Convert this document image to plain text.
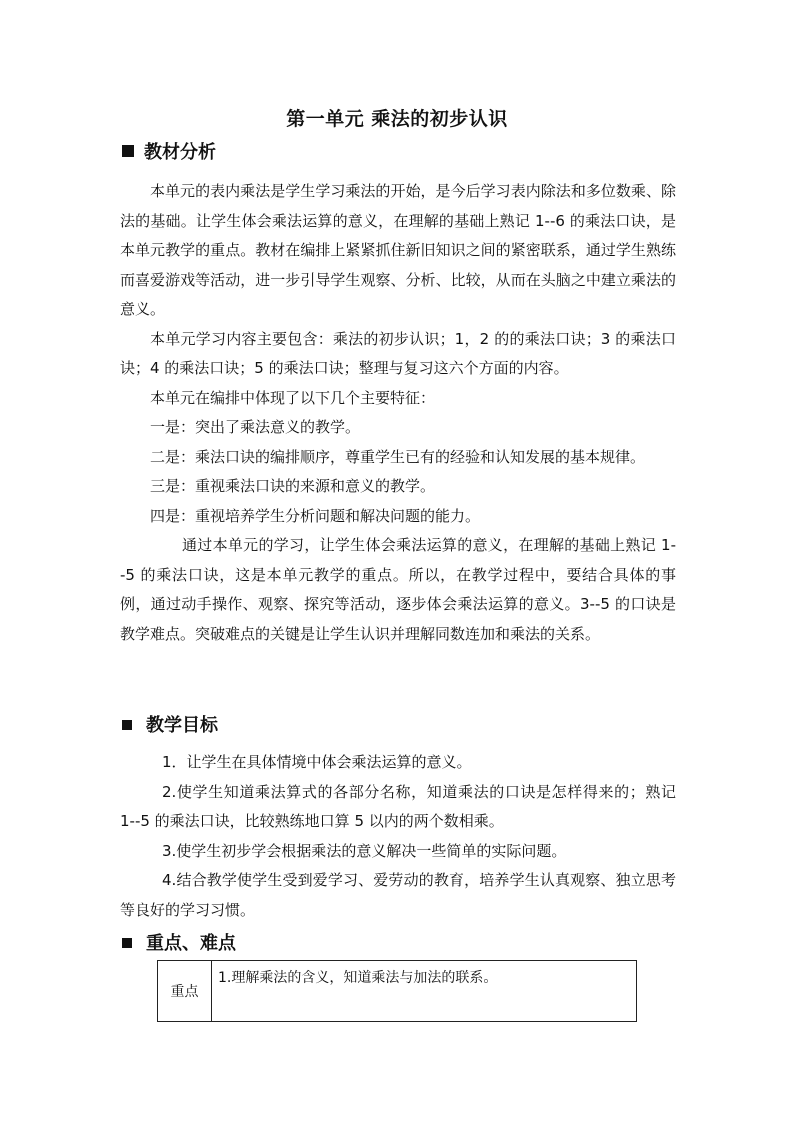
第一单元 乘法的初步认识
教材分析

本单元的表内乘法是学生学习乘法的开始，是今后学习表内除法和多位数乘、除法的基础。让学生体会乘法运算的意义，在理解的基础上熟记 1--6 的乘法口诀，是本单元教学的重点。教材在编排上紧紧抓住新旧知识之间的紧密联系，通过学生熟练而喜爱游戏等活动，进一步引导学生观察、分析、比较，从而在头脑之中建立乘法的意义。

本单元学习内容主要包含：乘法的初步认识；1，2 的的乘法口诀；3 的乘法口诀；4 的乘法口诀；5 的乘法口诀；整理与复习这六个方面的内容。

本单元在编排中体现了以下几个主要特征：

一是：突出了乘法意义的教学。

二是：乘法口诀的编排顺序，尊重学生已有的经验和认知发展的基本规律。

三是：重视乘法口诀的来源和意义的教学。

四是：重视培养学生分析问题和解决问题的能力。

通过本单元的学习，让学生体会乘法运算的意义，在理解的基础上熟记 1--5 的乘法口诀，这是本单元教学的重点。所以，在教学过程中，要结合具体的事例，通过动手操作、观察、探究等活动，逐步体会乘法运算的意义。3--5 的口诀是教学难点。突破难点的关键是让学生认识并理解同数连加和乘法的关系。

教学目标

1．让学生在具体情境中体会乘法运算的意义。

2.使学生知道乘法算式的各部分名称，知道乘法的口诀是怎样得来的；熟记 1--5 的乘法口诀，比较熟练地口算 5 以内的两个数相乘。

3.使学生初步学会根据乘法的意义解决一些简单的实际问题。

4.结合教学使学生受到爱学习、爱劳动的教育，培养学生认真观察、独立思考等良好的学习习惯。

重点、难点
重点
1.理解乘法的含义，知道乘法与加法的联系。
